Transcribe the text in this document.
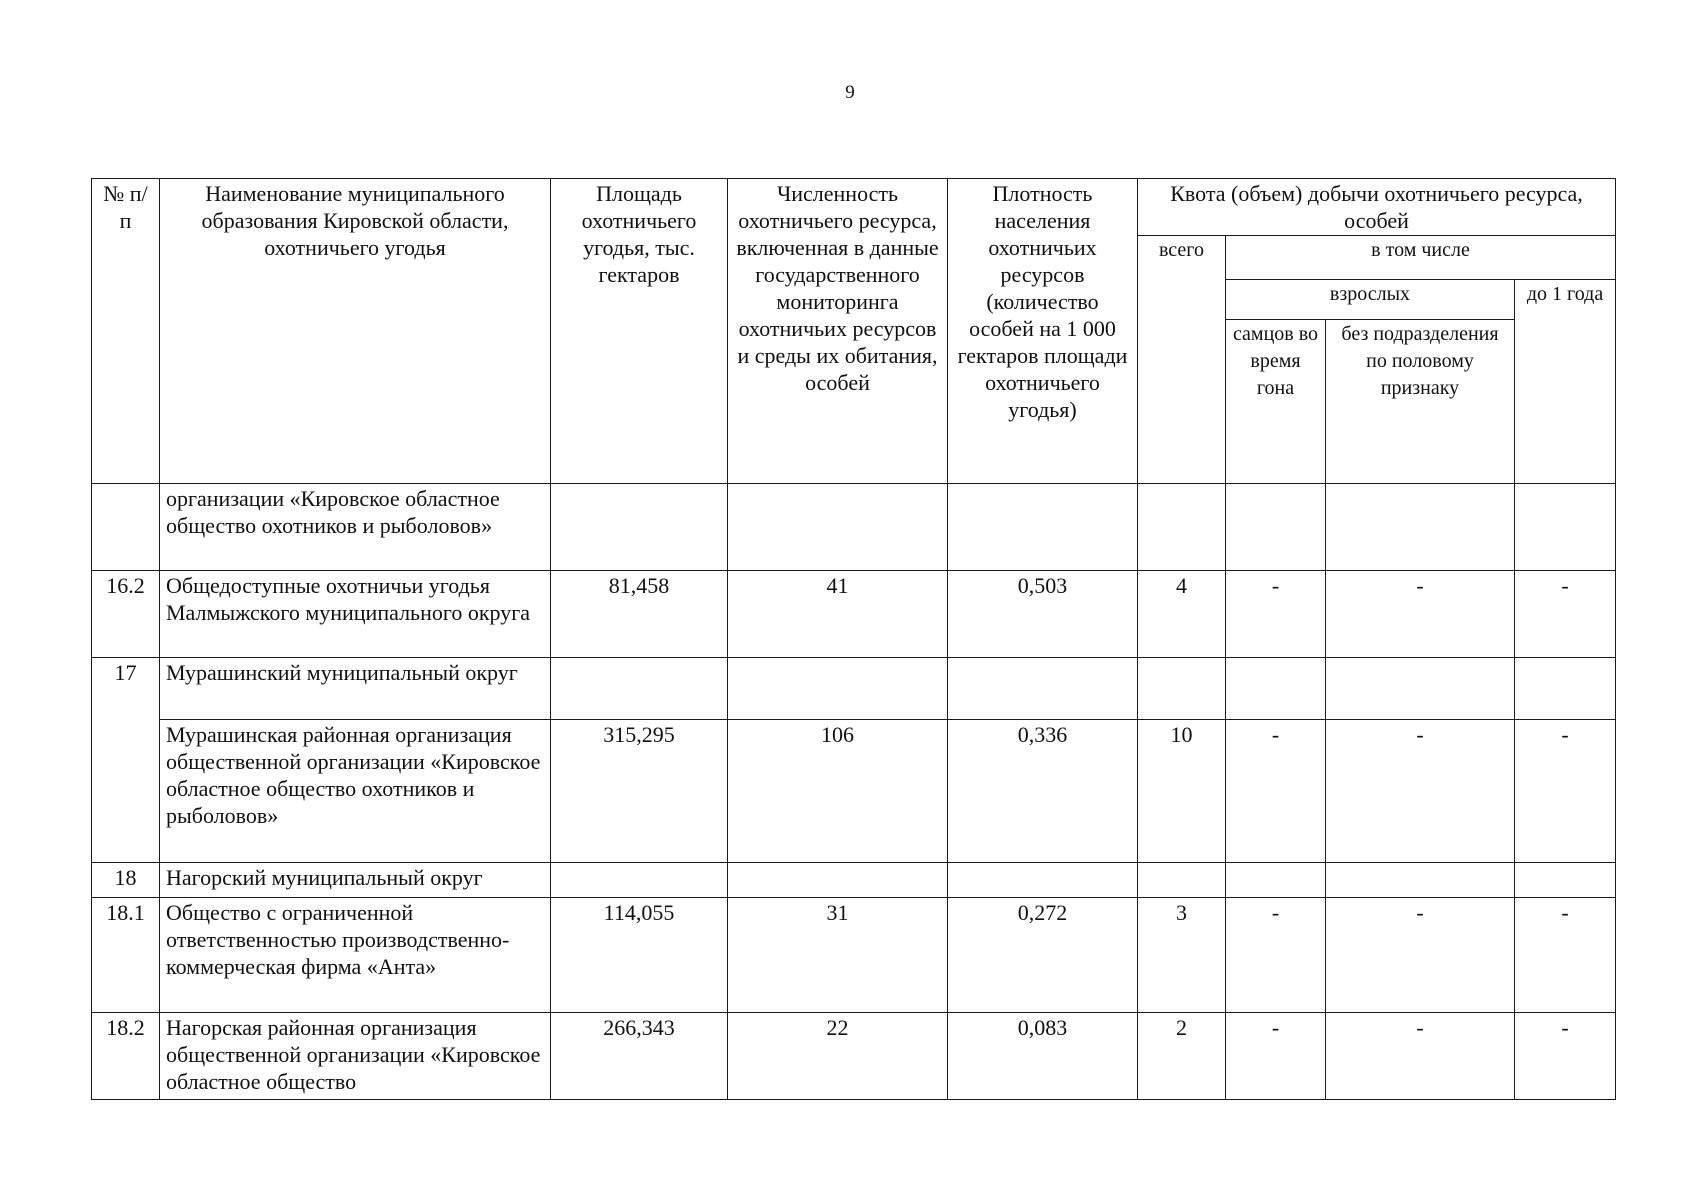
9
№ п/п	Наименование муниципального образования Кировской области, охотничьего угодья	Площадь охотничьего угодья, тыс. гектаров	Численность охотничьего ресурса, включенная в данные государственного мониторинга охотничьих ресурсов и среды их обитания, особей	Плотность населения охотничьих ресурсов (количество особей на 1 000 гектаров площади охотничьего угодья)	Квота (объем) добычи охотничьего ресурса, особей			
					всего	в том числе		
						взрослых		до 1 года
						самцов во время гона	без подразделения по половому признаку	
	организации «Кировское областное общество охотников и рыболовов»							
16.2	Общедоступные охотничьи угодья Малмыжского муниципального округа	81,458	41	0,503	4	-	-	-
17	Мурашинский муниципальный округ							
	Мурашинская районная организация общественной организации «Кировское областное общество охотников и рыболовов»	315,295	106	0,336	10	-	-	-
18	Нагорский муниципальный округ							
18.1	Общество с ограниченной ответственностью производственно-коммерческая фирма «Анта»	114,055	31	0,272	3	-	-	-
18.2	Нагорская районная организация общественной организации «Кировское областное общество	266,343	22	0,083	2	-	-	-
